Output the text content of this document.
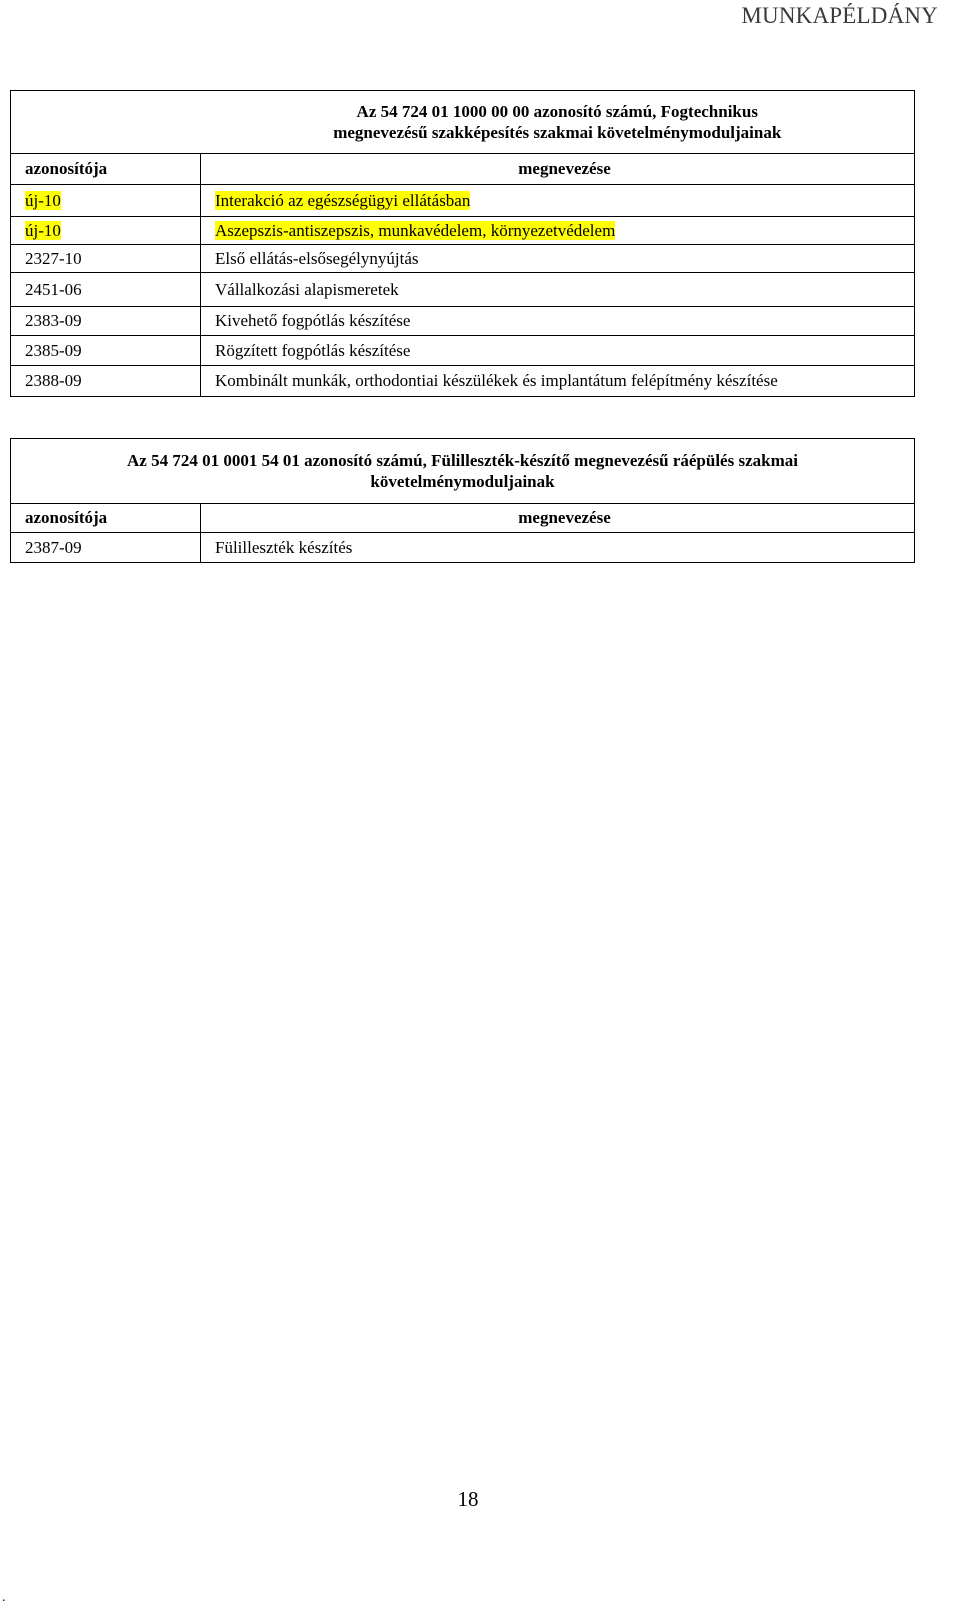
MUNKAPÉLDÁNY
	Az 54 724 01 1000 00 00 azonosító számú, Fogtechnikus
megnevezésű szakképesítés szakmai követelménymoduljainak
azonosítója	megnevezése
új-10	Interakció az egészségügyi ellátásban
új-10	Aszepszis-antiszepszis, munkavédelem, környezetvédelem
2327-10	Első ellátás-elsősegélynyújtás
2451-06	Vállalkozási alapismeretek
2383-09	Kivehető fogpótlás készítése
2385-09	Rögzített fogpótlás készítése
2388-09	Kombinált munkák, orthodontiai készülékek és implantátum felépítmény készítése
Az 54 724 01 0001 54 01 azonosító számú, Fülilleszték-készítő megnevezésű ráépülés szakmai
követelménymoduljainak	
azonosítója	megnevezése
2387-09	Fülilleszték készítés
18
.
